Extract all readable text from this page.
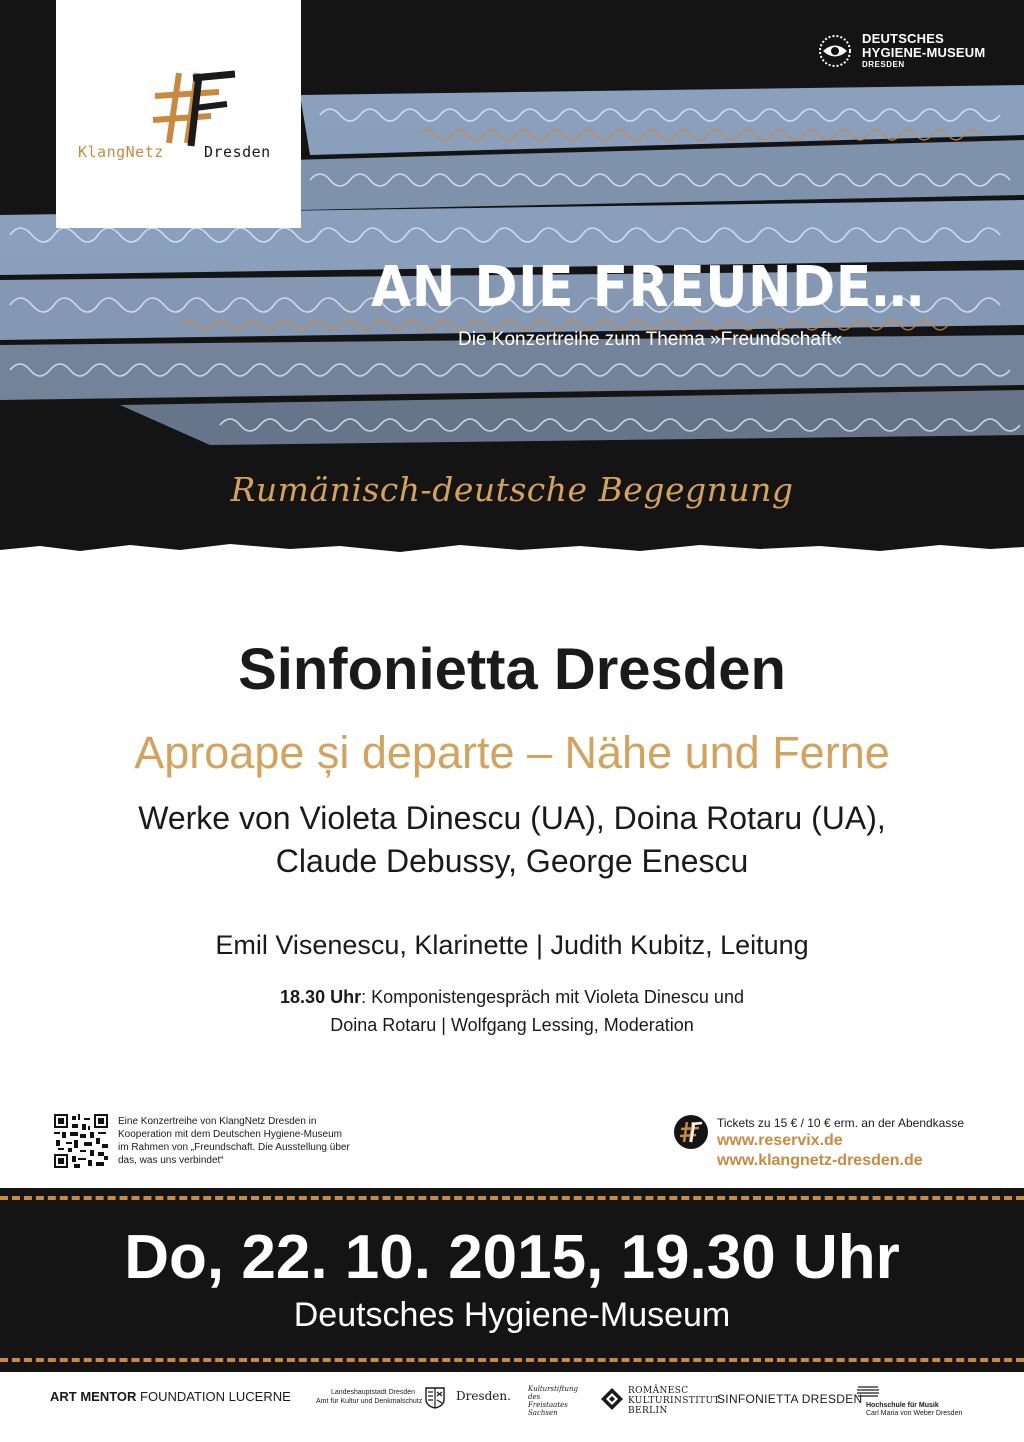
KlangNetz	Dresden
DEUTSCHES
HYGIENE-MUSEUM
DRESDEN
AN DIE FREUNDE…
Die Konzertreihe zum Thema »Freundschaft«
Rumänisch-deutsche Begegnung
Sinfonietta Dresden
Aproape și departe – Nähe und Ferne
Werke von Violeta Dinescu (UA), Doina Rotaru (UA),
Claude Debussy, George Enescu
Emil Visenescu, Klarinette | Judith Kubitz, Leitung
18.30 Uhr: Komponistengespräch mit Violeta Dinescu und
Doina Rotaru | Wolfgang Lessing, Moderation
Eine Konzertreihe von KlangNetz Dresden in
Kooperation mit dem Deutschen Hygiene-Museum
im Rahmen von „Freundschaft. Die Ausstellung über
das, was uns verbindet“
Tickets zu 15 € / 10 € erm. an der Abendkasse
www.reservix.de
www.klangnetz-dresden.de
Do, 22. 10. 2015, 19.30 Uhr
Deutsches Hygiene-Museum
ART MENTOR FOUNDATION LUCERNE	Landeshauptstadt Dresden
Amt für Kultur und Denkmalschutz	Dresden. Kulturstiftung des Freistaates Sachsen
ROMÂNESC
KULTURINSTITUT
BERLIN
SINFONIETTA DRESDEN Hochschule für Musik
Carl Maria von Weber Dresden
